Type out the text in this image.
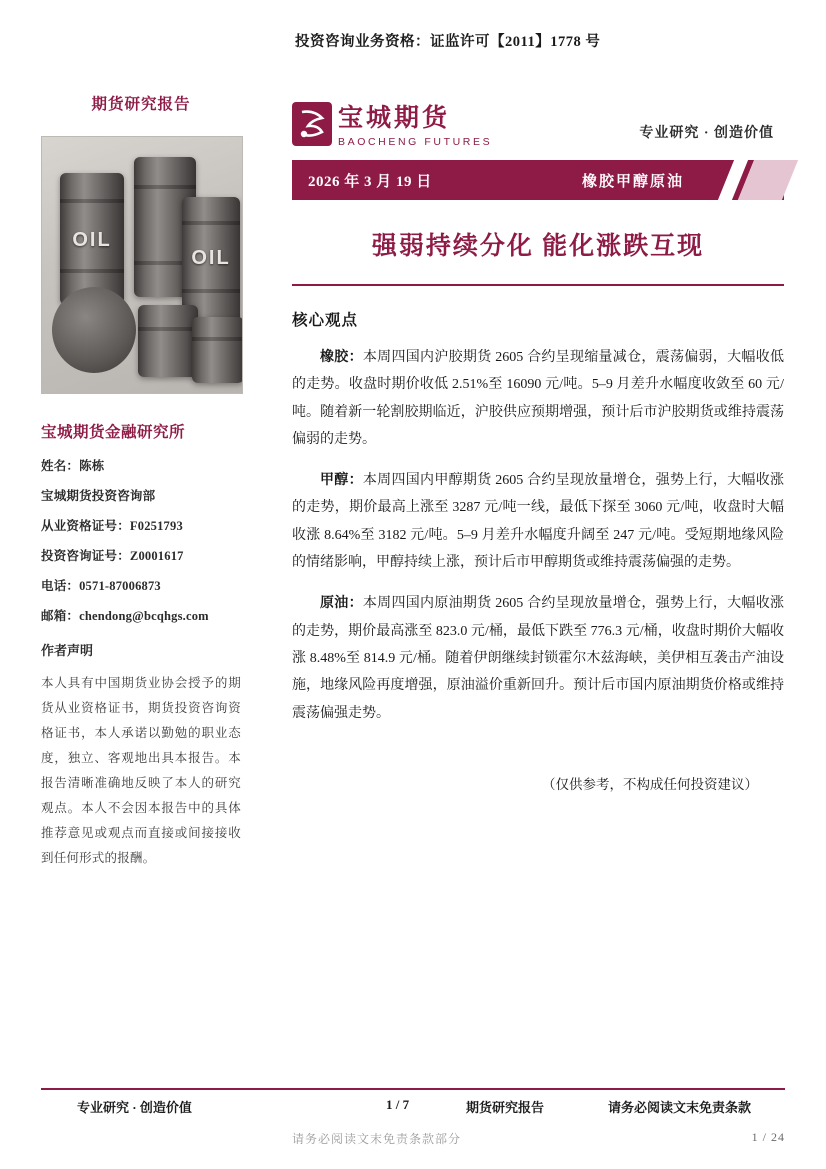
投资咨询业务资格：证监许可【2011】1778 号
期货研究报告
OIL
OIL
宝城期货金融研究所
姓名：陈栋
宝城期货投资咨询部
从业资格证号：F0251793
投资咨询证号：Z0001617
电话：0571-87006873
邮箱：chendong@bcqhgs.com
作者声明
本人具有中国期货业协会授予的期货从业资格证书，期货投资咨询资格证书，本人承诺以勤勉的职业态度，独立、客观地出具本报告。本报告清晰准确地反映了本人的研究观点。本人不会因本报告中的具体推荐意见或观点而直接或间接接收到任何形式的报酬。
宝城期货
BAOCHENG FUTURES
专业研究 · 创造价值
2026 年 3 月 19 日	橡胶甲醇原油
强弱持续分化 能化涨跌互现
核心观点
橡胶：本周四国内沪胶期货 2605 合约呈现缩量减仓，震荡偏弱，大幅收低的走势。收盘时期价收低 2.51%至 16090 元/吨。5–9 月差升水幅度收敛至 60 元/吨。随着新一轮割胶期临近，沪胶供应预期增强，预计后市沪胶期货或维持震荡偏弱的走势。
甲醇：本周四国内甲醇期货 2605 合约呈现放量增仓，强势上行，大幅收涨的走势，期价最高上涨至 3287 元/吨一线，最低下探至 3060 元/吨，收盘时大幅收涨 8.64%至 3182 元/吨。5–9 月差升水幅度升阔至 247 元/吨。受短期地缘风险的情绪影响，甲醇持续上涨，预计后市甲醇期货或维持震荡偏强的走势。
原油：本周四国内原油期货 2605 合约呈现放量增仓，强势上行，大幅收涨的走势，期价最高涨至 823.0 元/桶，最低下跌至 776.3 元/桶，收盘时期价大幅收涨 8.48%至 814.9 元/桶。随着伊朗继续封锁霍尔木兹海峡，美伊相互袭击产油设施，地缘风险再度增强，原油溢价重新回升。预计后市国内原油期货价格或维持震荡偏强走势。
（仅供参考，不构成任何投资建议）
专业研究 · 创造价值	1 / 7	期货研究报告	请务必阅读文末免责条款
请务必阅读文末免责条款部分	1 / 24
